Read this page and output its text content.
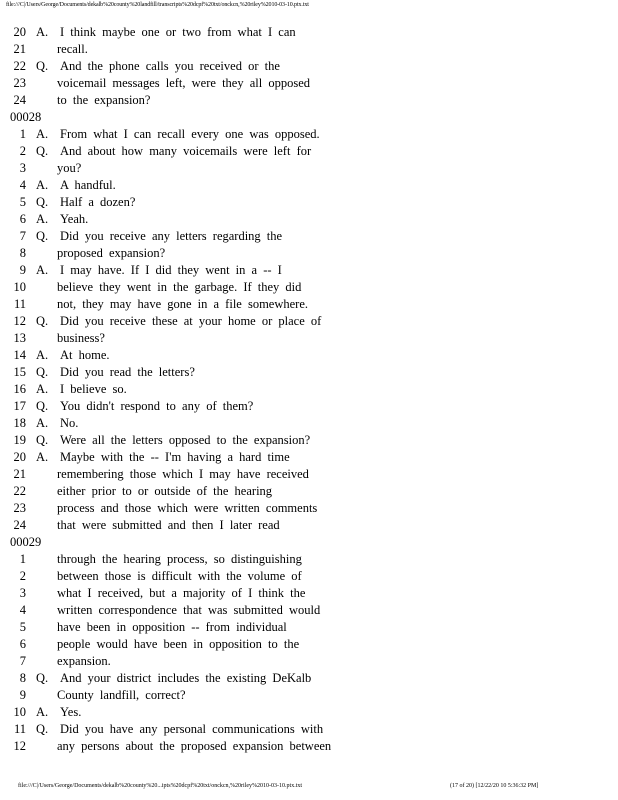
file:///C|/Users/George/Documents/dekalb%20county%20landfill/transcripts%20dcpf%20txt/onckcn,%20riley%2010-03-10.ptx.txt
20 A. I think maybe one or two from what I can
21 recall.
22 Q. And the phone calls you received or the
23 voicemail messages left, were they all opposed
24 to the expansion?
00028
1 A. From what I can recall every one was opposed.
2 Q. And about how many voicemails were left for
3 you?
4 A. A handful.
5 Q. Half a dozen?
6 A. Yeah.
7 Q. Did you receive any letters regarding the
8 proposed expansion?
9 A. I may have. If I did they went in a -- I
10 believe they went in the garbage. If they did
11 not, they may have gone in a file somewhere.
12 Q. Did you receive these at your home or place of
13 business?
14 A. At home.
15 Q. Did you read the letters?
16 A. I believe so.
17 Q. You didn't respond to any of them?
18 A. No.
19 Q. Were all the letters opposed to the expansion?
20 A. Maybe with the -- I'm having a hard time
21 remembering those which I may have received
22 either prior to or outside of the hearing
23 process and those which were written comments
24 that were submitted and then I later read
00029
1 through the hearing process, so distinguishing
2 between those is difficult with the volume of
3 what I received, but a majority of I think the
4 written correspondence that was submitted would
5 have been in opposition -- from individual
6 people would have been in opposition to the
7 expansion.
8 Q. And your district includes the existing DeKalb
9 County landfill, correct?
10 A. Yes.
11 Q. Did you have any personal communications with
12 any persons about the proposed expansion between
file:///C|/Users/George/Documents/dekalb%20county%20...ipts%20dcpf%20txt/onckcn,%20riley%2010-03-10.ptx.txt	(17 of 20) [12/22/20 10 5:36:32 PM]
